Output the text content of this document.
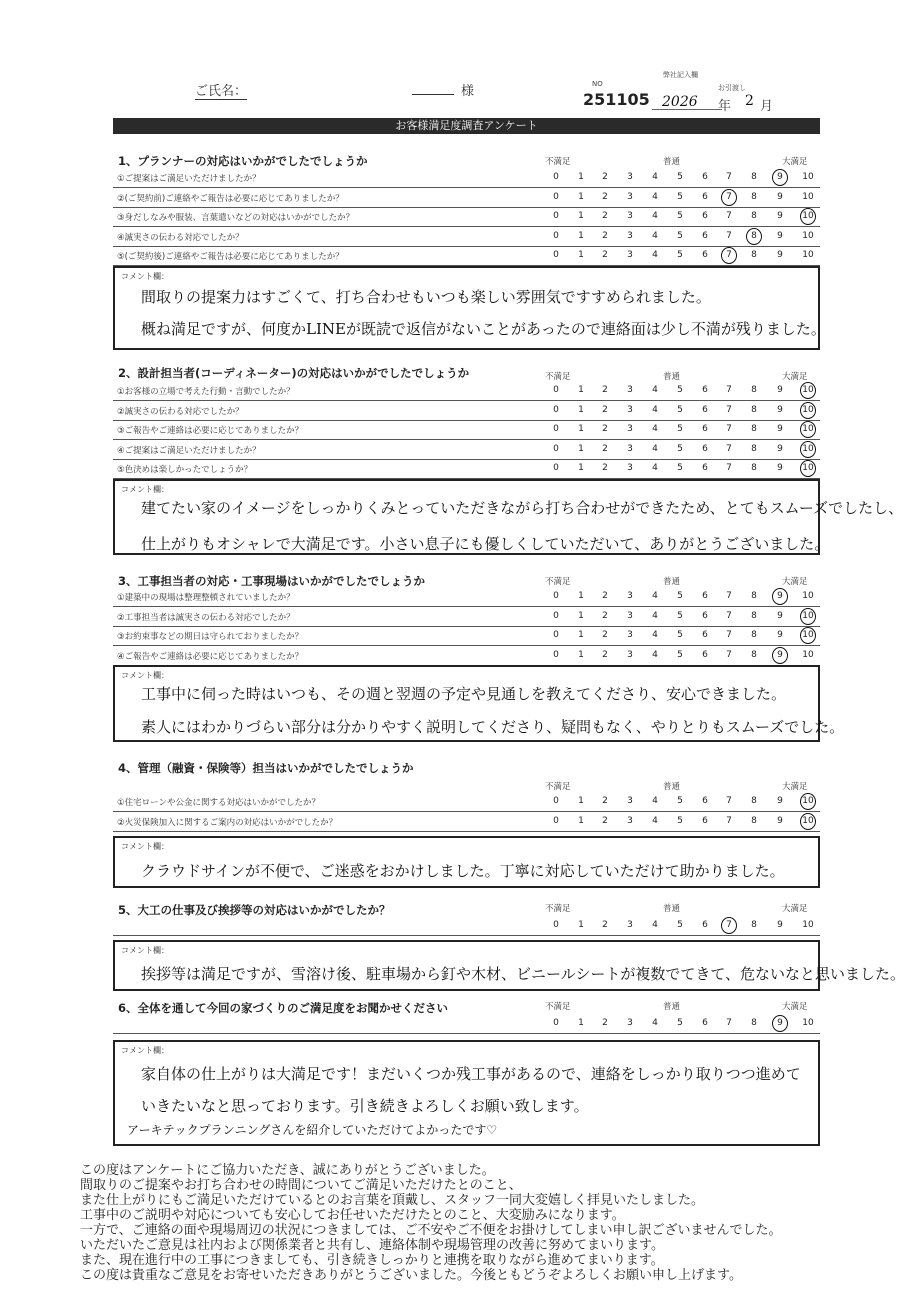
ご氏名：	様	NO
251105
弊社記入欄
お引渡し
2026 年 2 月
お客様満足度調査アンケート
1、プランナーの対応はいかがでしたでしょうか	不満足	普通	大満足
①ご提案はご満足いただけましたか？	0	1	2	3	4	5	6	7	8	9	10
②(ご契約前)ご連絡やご報告は必要に応じてありましたか？	0	1	2	3	4	5	6	7	8	9	10
③身だしなみや服装、言葉遣いなどの対応はいかがでしたか？	0	1	2	3	4	5	6	7	8	9	10
④誠実さの伝わる対応でしたか？	0	1	2	3	4	5	6	7	8	9	10
⑤(ご契約後)ご連絡やご報告は必要に応じてありましたか？	0	1	2	3	4	5	6	7	8	9	10
コメント欄：
間取りの提案力はすごくて、打ち合わせもいつも楽しい雰囲気ですすめられました。
概ね満足ですが、何度かLINEが既読で返信がないことがあったので連絡面は少し不満が残りました。
2、設計担当者(コーディネーター)の対応はいかがでしたでしょうか	不満足	普通	大満足
①お客様の立場で考えた行動・言動でしたか？	0	1	2	3	4	5	6	7	8	9	10
②誠実さの伝わる対応でしたか？	0	1	2	3	4	5	6	7	8	9	10
③ご報告やご連絡は必要に応じてありましたか？	0	1	2	3	4	5	6	7	8	9	10
④ご提案はご満足いただけましたか？	0	1	2	3	4	5	6	7	8	9	10
⑤色決めは楽しかったでしょうか？	0	1	2	3	4	5	6	7	8	9	10
コメント欄：
建てたい家のイメージをしっかりくみとっていただきながら打ち合わせができたため、とてもスムーズでしたし、
仕上がりもオシャレで大満足です。小さい息子にも優しくしていただいて、ありがとうございました。
3、工事担当者の対応・工事現場はいかがでしたでしょうか	不満足	普通	大満足
①建築中の現場は整理整頓されていましたか？	0	1	2	3	4	5	6	7	8	9	10
②工事担当者は誠実さの伝わる対応でしたか？	0	1	2	3	4	5	6	7	8	9	10
③お約束事などの期日は守られておりましたか？	0	1	2	3	4	5	6	7	8	9	10
④ご報告やご連絡は必要に応じてありましたか？	0	1	2	3	4	5	6	7	8	9	10
コメント欄：
工事中に伺った時はいつも、その週と翌週の予定や見通しを教えてくださり、安心できました。
素人にはわかりづらい部分は分かりやすく説明してくださり、疑問もなく、やりとりもスムーズでした。
4、管理（融資・保険等）担当はいかがでしたでしょうか
不満足	普通	大満足
①住宅ローンや公金に関する対応はいかがでしたか？	0	1	2	3	4	5	6	7	8	9	10
②火災保険加入に関するご案内の対応はいかがでしたか？	0	1	2	3	4	5	6	7	8	9	10
コメント欄：
クラウドサインが不便で、ご迷惑をおかけしました。丁寧に対応していただけて助かりました。
5、大工の仕事及び挨拶等の対応はいかがでしたか？	不満足	普通	大満足
0	1	2	3	4	5	6	7	8	9	10
コメント欄：
挨拶等は満足ですが、雪溶け後、駐車場から釘や木材、ビニールシートが複数でてきて、危ないなと思いました。
6、全体を通して今回の家づくりのご満足度をお聞かせください	不満足	普通	大満足
0	1	2	3	4	5	6	7	8	9	10
コメント欄：
家自体の仕上がりは大満足です！まだいくつか残工事があるので、連絡をしっかり取りつつ進めて
いきたいなと思っております。引き続きよろしくお願い致します。
アーキテックプランニングさんを紹介していただけてよかったです♡
この度はアンケートにご協力いただき、誠にありがとうございました。
間取りのご提案やお打ち合わせの時間についてご満足いただけたとのこと、
また仕上がりにもご満足いただけているとのお言葉を頂戴し、スタッフ一同大変嬉しく拝見いたしました。
工事中のご説明や対応についても安心してお任せいただけたとのこと、大変励みになります。
一方で、ご連絡の面や現場周辺の状況につきましては、ご不安やご不便をお掛けしてしまい申し訳ございませんでした。
いただいたご意見は社内および関係業者と共有し、連絡体制や現場管理の改善に努めてまいります。
また、現在進行中の工事につきましても、引き続きしっかりと連携を取りながら進めてまいります。
この度は貴重なご意見をお寄せいただきありがとうございました。今後ともどうぞよろしくお願い申し上げます。
